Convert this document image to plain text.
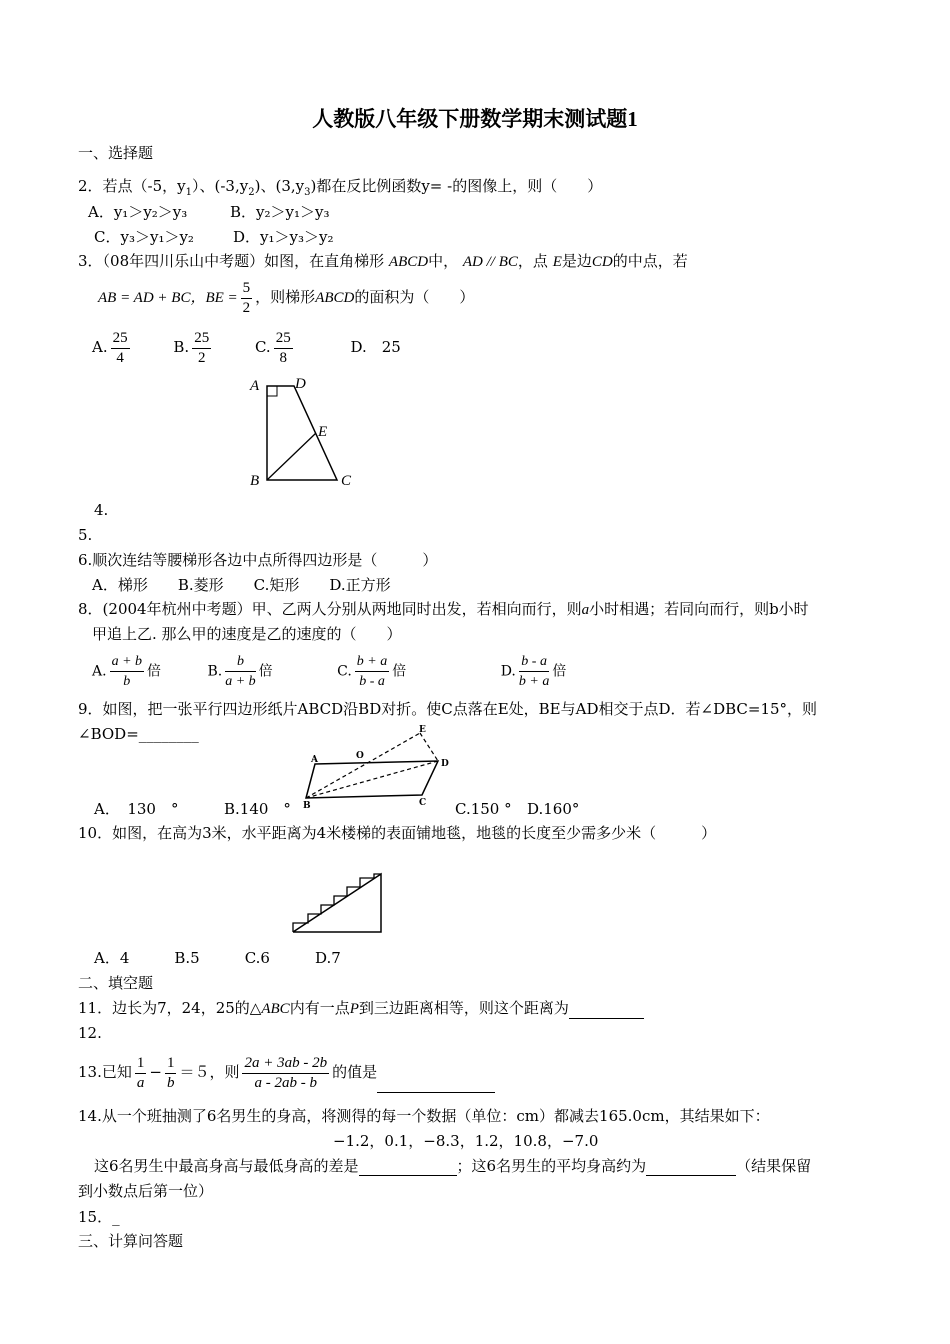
人教版八年级下册数学期末测试题1
一、选择题
2．若点（-5，$y_1$）、$(-3,y_2)$、$(3,y_3)$都在反比例函数y= -的图像上，则（　　）
A．y₁＞y₂＞y₃	B．y₂＞y₁＞y₃
C．y₃＞y₁＞y₂	D．y₁＞y₃＞y₂
3．（08年四川乐山中考题）如图，在直角梯形 ABCD中， AD // BC，点 E是边CD的中点，若
AB = AD + BC，BE = $\frac{5}{2}$ ，则梯形ABCD的面积为（　　）
A. $\frac{25}{4}$	B. $\frac{25}{2}$	C. $\frac{25}{8}$	D.　25
A D
E
B	C
4.
5.
6.顺次连结等腰梯形各边中点所得四边形是（　　　）
A．梯形　　B.菱形　　C.矩形　　D.正方形
8．(2004年杭州中考题）甲、乙两人分别从两地同时出发，若相向而行，则a小时相遇；若同向而行，则b小时
甲追上乙. 那么甲的速度是乙的速度的（　　）
A. $\frac{a + b}{b}$ 倍	B. $\frac{b}{a + b}$ 倍	C. $\frac{b + a}{b - a}$ 倍	D. $\frac{b - a}{b + a}$ 倍
9．如图，把一张平行四边形纸片ABCD沿BD对折。使C点落在E处，BE与AD相交于点D．若∠DBC=15°，则
∠BOD=________
A	O
E
D
B	C
A．　130　°	B.140　°	C.150 ° D.160°
10．如图，在高为3米，水平距离为4米楼梯的表面铺地毯，地毯的长度至少需多少米（　　　）
A．4　　　B.5　　　C.6　　　D.7
二、填空题
11．边长为7，24，25的△ABC内有一点P到三边距离相等，则这个距离为
12.
13.已知 $\frac{1}{a} - \frac{1}{b} =5$，则 $\frac{2a + 3ab - 2b}{a - 2ab - b}$ 的值是
14.从一个班抽测了6名男生的身高，将测得的每一个数据（单位：cm）都减去165.0cm，其结果如下：
−1.2，0.1，−8.3，1.2，10.8，−7.0
这6名男生中最高身高与最低身高的差是	；这6名男生的平均身高约为	（结果保留
到小数点后第一位）
15．_
三、计算问答题
